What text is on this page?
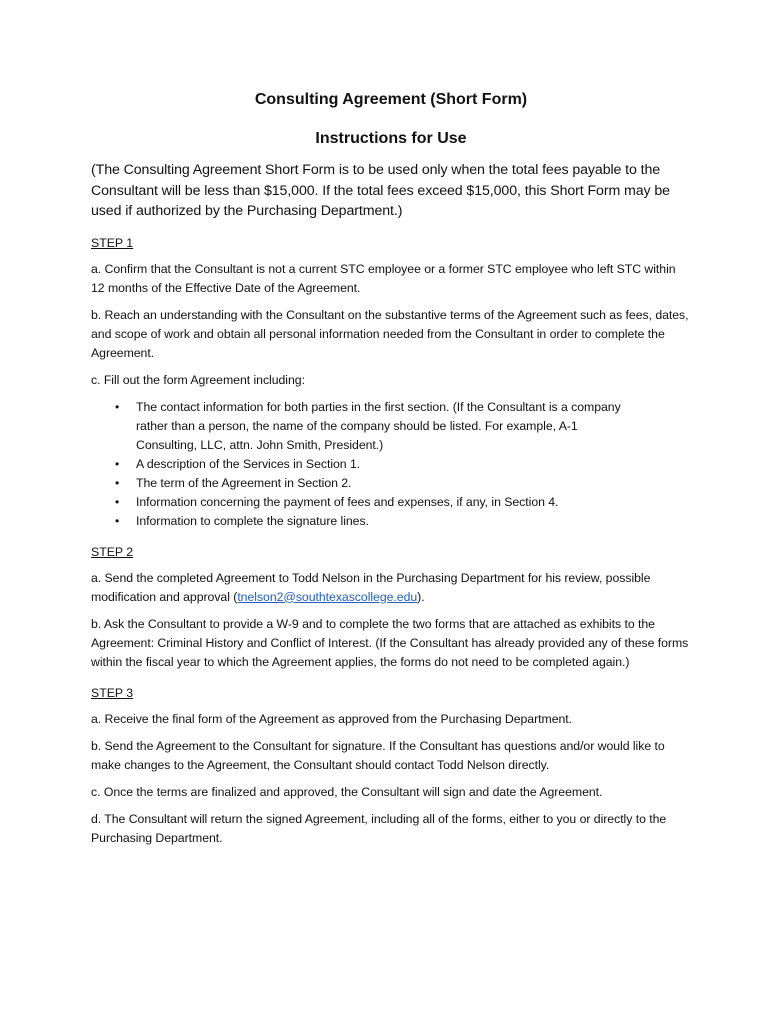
Consulting Agreement (Short Form)
Instructions for Use

(The Consulting Agreement Short Form is to be used only when the total fees payable to the Consultant will be less than $15,000. If the total fees exceed $15,000, this Short Form may be used if authorized by the Purchasing Department.)

STEP 1

a. Confirm that the Consultant is not a current STC employee or a former STC employee who left STC within 12 months of the Effective Date of the Agreement.

b. Reach an understanding with the Consultant on the substantive terms of the Agreement such as fees, dates, and scope of work and obtain all personal information needed from the Consultant in order to complete the Agreement.

c. Fill out the form Agreement including:

• The contact information for both parties in the first section. (If the Consultant is a company rather than a person, the name of the company should be listed. For example, A-1 Consulting, LLC, attn. John Smith, President.)
• A description of the Services in Section 1.
• The term of the Agreement in Section 2.
• Information concerning the payment of fees and expenses, if any, in Section 4.
• Information to complete the signature lines.
STEP 2

a. Send the completed Agreement to Todd Nelson in the Purchasing Department for his review, possible modification and approval (tnelson2@southtexascollege.edu).

b. Ask the Consultant to provide a W-9 and to complete the two forms that are attached as exhibits to the Agreement: Criminal History and Conflict of Interest. (If the Consultant has already provided any of these forms within the fiscal year to which the Agreement applies, the forms do not need to be completed again.)

STEP 3

a. Receive the final form of the Agreement as approved from the Purchasing Department.

b. Send the Agreement to the Consultant for signature. If the Consultant has questions and/or would like to make changes to the Agreement, the Consultant should contact Todd Nelson directly.

c. Once the terms are finalized and approved, the Consultant will sign and date the Agreement.

d. The Consultant will return the signed Agreement, including all of the forms, either to you or directly to the Purchasing Department.
